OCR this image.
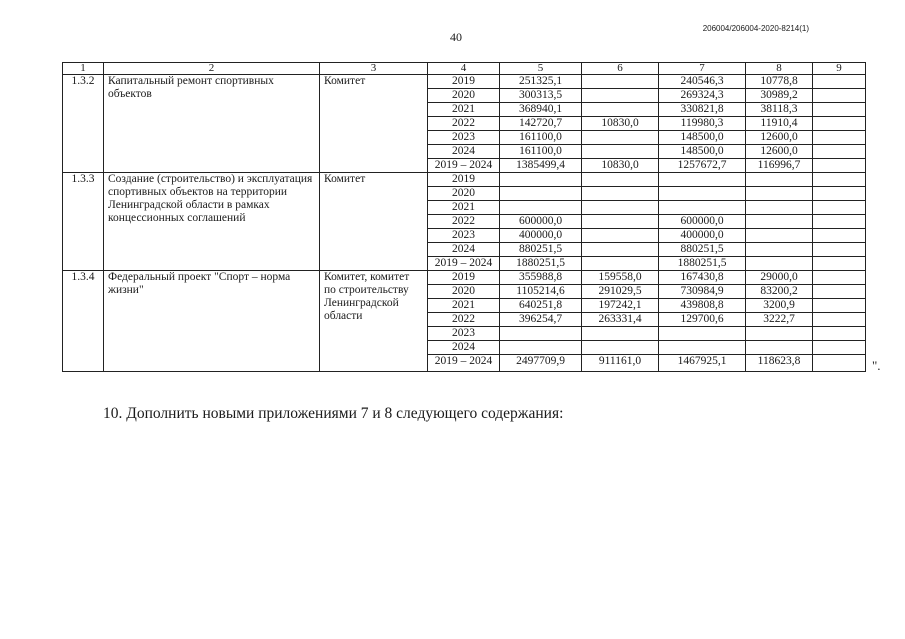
40
206004/206004-2020-8214(1)
1	2	3	4	5	6	7	8	9
1.3.2	Капитальный ремонт спортивных объектов	Комитет	2019	251325,1		240546,3	10778,8	
			2020	300313,5		269324,3	30989,2	
			2021	368940,1		330821,8	38118,3	
			2022	142720,7	10830,0	119980,3	11910,4	
			2023	161100,0		148500,0	12600,0	
			2024	161100,0		148500,0	12600,0	
			2019 – 2024	1385499,4	10830,0	1257672,7	116996,7	
1.3.3	Создание (строительство) и эксплуатация спортивных объектов на территории Ленинградской области в рамках концессионных соглашений	Комитет	2019					
			2020					
			2021					
			2022	600000,0		600000,0		
			2023	400000,0		400000,0		
			2024	880251,5		880251,5		
			2019 – 2024	1880251,5		1880251,5		
1.3.4	Федеральный проект "Спорт – норма жизни"	Комитет, комитет по строительству Ленинградской области	2019	355988,8	159558,0	167430,8	29000,0	
			2020	1105214,6	291029,5	730984,9	83200,2	
			2021	640251,8	197242,1	439808,8	3200,9	
			2022	396254,7	263331,4	129700,6	3222,7	
			2023					
			2024					
			2019 – 2024	2497709,9	911161,0	1467925,1	118623,8		".
10. Дополнить новыми приложениями 7 и 8 следующего содержания:
